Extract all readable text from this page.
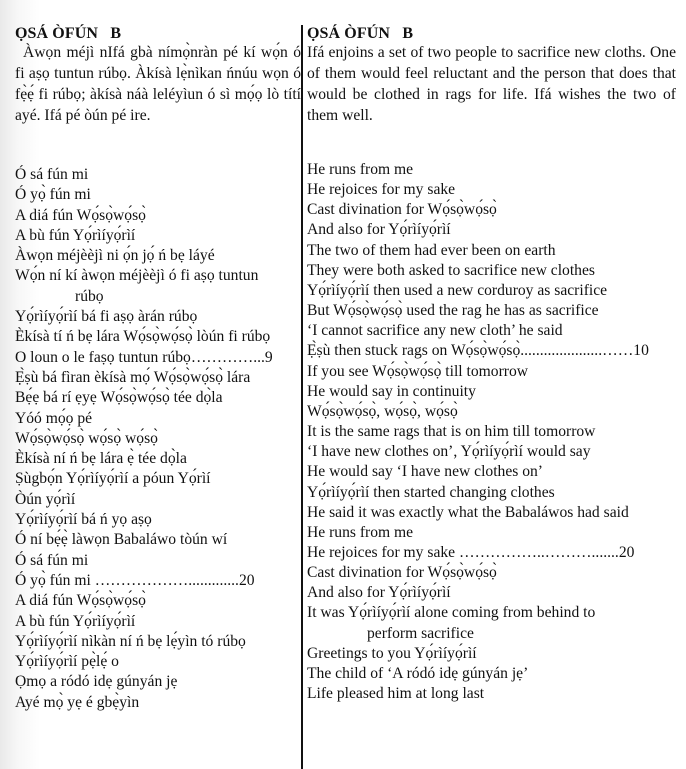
ỌSÁ ÒFÚN   B

Àwọn méjì nIfá gbà nímọ̀nràn pé kí wọ́n ó fi aṣọ tuntun rúbọ. Àkísà lẹ̀nìkan ńnúu wọn ó fẹ̀ẹ́ fi rúbọ; àkísà náà leléyìun ó sì mọ́ọ lò títí ayé. Ifá pé òún pé ire.

Ó sá fún mi
Ó yọ̀ fún mi
A diá fún Wọ́sọ̀wọ́sọ̀
A bù fún Yọ́rìíyọ́rìí
Àwọn méjèèjì ni ọ́n jọ́ ń bẹ láyé
Wọ́n ní kí àwọn méjèèjì ó fi aṣọ tuntun
rúbọ
Yọ́rìíyọ́rìí bá fi aṣọ àrán rúbọ
Èkísà tí ń bẹ lára Wọ́sọ̀wọ́sọ̀ lòún fi rúbọ
O loun o le faṣọ tuntun rúbọ…………...9
Ẹ̀ṣù bá fìran èkísà mọ́ Wọ́sọ̀wọ́sọ̀ lára
Bẹ́ẹ bá rí ẹyẹ Wọ́sọ̀wọ́sọ̀ tée dọ̀la
Yóó mọ́ọ pé
Wọ́sọ̀wọ́sọ̀ wọ́sọ̀ wọ́sọ̀
Èkísà ní ń bẹ lára ẹ̀ tée dọ̀la
Ṣùgbọ́n Yọ́rìíyọ́rìí a póun Yọ́rìí
Òún yọ́rìí
Yọ́rìíyọ́rìí bá ń yọ aṣọ
Ó ní bẹ́ẹ̀ làwọn Babaláwo tòún wí
Ó sá fún mi
Ó yọ̀ fún mi ……………….............20
A diá fún Wọ́sọ̀wọ́sọ̀
A bù fún Yọ́rìíyọ́rìí
Yọ́rìíyọ́rìí nìkàn ní ń bẹ lẹ́yìn tó rúbọ
Yọ́rìíyọ́rìí pẹ̀lẹ́ o
Ọmọ a ródó idẹ gúnyán jẹ
Ayé mọ̀ yẹ é gbẹ̀yìn
ỌSÁ ÒFÚN   B

Ifá enjoins a set of two people to sacrifice new cloths. One of them would feel reluctant and the person that does that would be clothed in rags for life. Ifá wishes the two of them well.

He runs from me
He rejoices for my sake
Cast divination for Wọ́sọ̀wọ́sọ̀
And also for Yọ́rìíyọ́rìí
The two of them had ever been on earth
They were both asked to sacrifice new clothes
Yọ́rìíyọ́rìí then used a new corduroy as sacrifice
But Wọ́sọ̀wọ́sọ̀ used the rag he has as sacrifice
‘I cannot sacrifice any new cloth’ he said
Ẹ̀ṣù then stuck rags on Wọ́sọ̀wọ́sọ̀.....................……10
If you see Wọ́sọ̀wọ́sọ̀ till tomorrow
He would say in continuity
Wọ́sọ̀wọ́sọ̀, wọ́sọ̀, wọ́sọ̀
It is the same rags that is on him till tomorrow
‘I have new clothes on’, Yọ́rìíyọ́rìí would say
He would say ‘I have new clothes on’
Yọ́rìíyọ́rìí then started changing clothes
He said it was exactly what the Babaláwos had said
He runs from me
He rejoices for my sake ……………..……….......20
Cast divination for Wọ́sọ̀wọ́sọ̀
And also for Yọ́rìíyọ́rìí
It was Yọ́rìíyọ́rìí alone coming from behind to
perform sacrifice
Greetings to you Yọ́rìíyọ́rìí
The child of ‘A ródó idẹ gúnyán jẹ’
Life pleased him at long last
